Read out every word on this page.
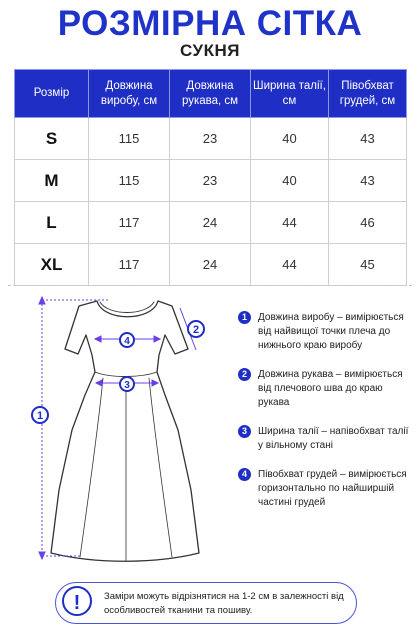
РОЗМІРНА СІТКА
СУКНЯ
Розмір	Довжина виробу, см	Довжина рукава, см	Ширина талії, см	Півобхват грудей, см
S	115	23	40	43
M	115	23	40	43
L	117	24	44	46
XL	117	24	44	45
1
2
3
4
1	Довжина виробу – вимірюється від найвищої точки плеча до нижнього краю виробу
2	Довжина рукава – вимірюється від плечового шва до краю рукава
3	Ширина талії – напівобхват талії у вільному стані
4	Півобхват грудей – вимірюється горизонтально по найширшій частині грудей
!	Заміри можуть відрізнятися на 1-2 см в залежності від особливостей тканини та пошиву.
